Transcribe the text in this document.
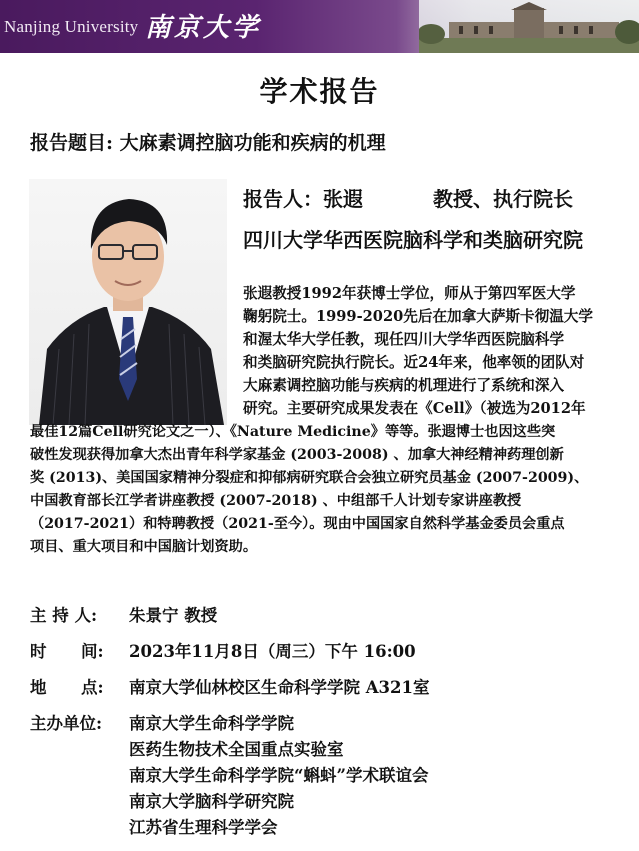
Nanjing University 南京大学
学术报告
报告题目: 大麻素调控脑功能和疾病的机理
报告人：张遐	教授、执行院长
四川大学华西医院脑科学和类脑研究院
张遐教授1992年获博士学位，师从于第四军医大学
鞠躬院士。1999-2020先后在加拿大萨斯卡彻温大学
和渥太华大学任教，现任四川大学华西医院脑科学
和类脑研究院执行院长。近24年来，他率领的团队对
大麻素调控脑功能与疾病的机理进行了系统和深入
研究。主要研究成果发表在《Cell》（被选为2012年
最佳12篇Cell研究论文之一）、《Nature Medicine》等等。张遐博士也因这些突
破性发现获得加拿大杰出青年科学家基金 (2003-2008) 、加拿大神经精神药理创新
奖 (2013)、美国国家精神分裂症和抑郁病研究联合会独立研究员基金 (2007-2009)、
中国教育部长江学者讲座教授 (2007-2018) 、中组部千人计划专家讲座教授
（2017-2021）和特聘教授（2021-至今）。现由中国国家自然科学基金委员会重点
项目、重大项目和中国脑计划资助。
主 持 人: 朱景宁 教授
时      间: 2023年11月8日（周三）下午 16:00
地      点: 南京大学仙林校区生命科学学院 A321室
主办单位: 南京大学生命科学学院
医药生物技术全国重点实验室
南京大学生命科学学院“蝌蚪”学术联谊会
南京大学脑科学研究院
江苏省生理科学学会
